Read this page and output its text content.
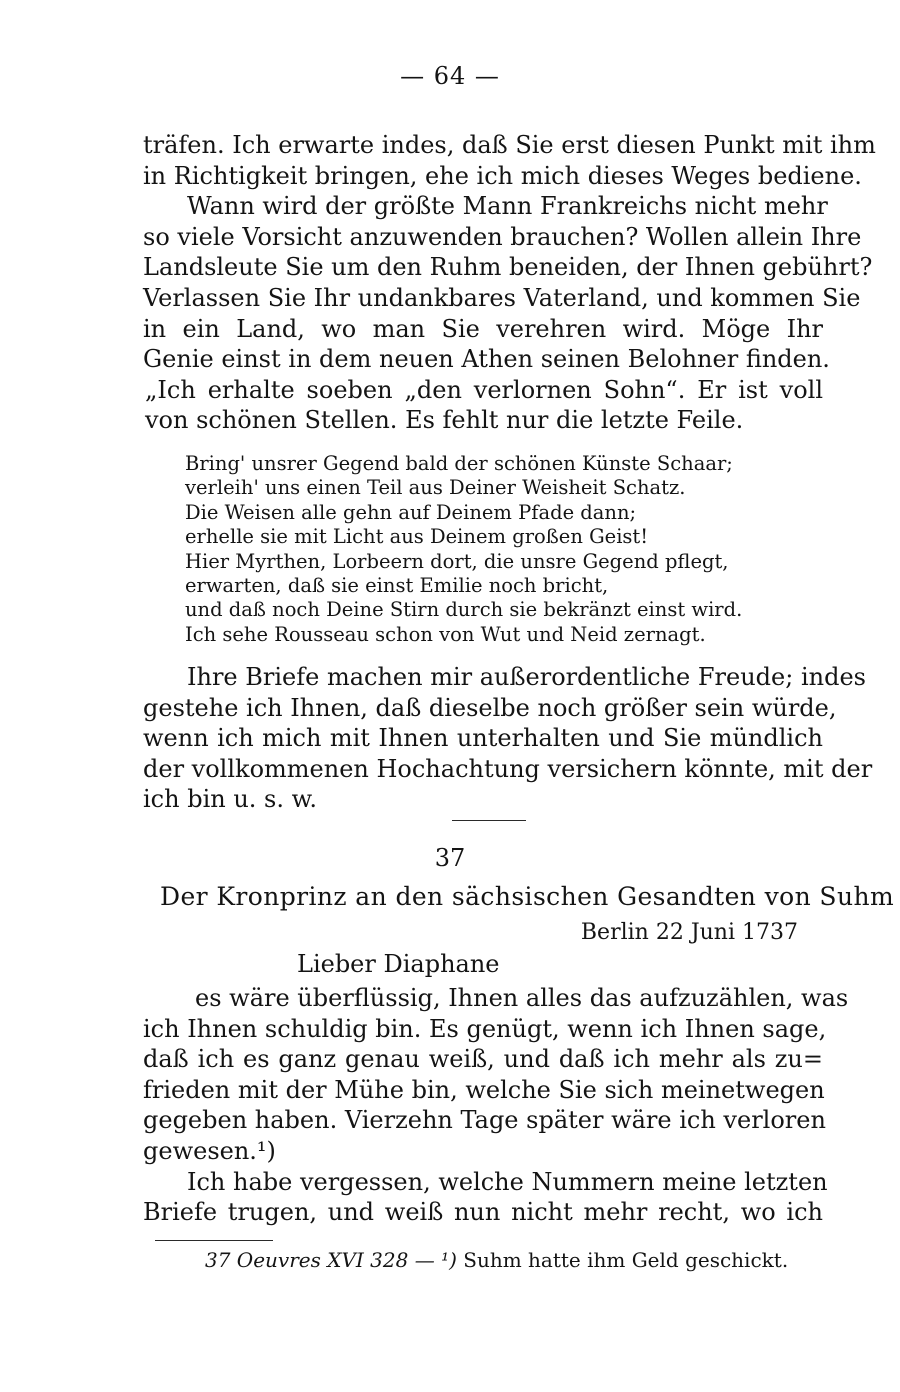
— 64 —
träfen. Ich erwarte indes, daß Sie erst diesen Punkt mit ihm
in Richtigkeit bringen, ehe ich mich dieses Weges bediene.
Wann wird der größte Mann Frankreichs nicht mehr
so viele Vorsicht anzuwenden brauchen? Wollen allein Ihre
Landsleute Sie um den Ruhm beneiden, der Ihnen gebührt?
Verlassen Sie Ihr undankbares Vaterland, und kommen Sie
in ein Land, wo man Sie verehren wird. Möge Ihr
Genie einst in dem neuen Athen seinen Belohner finden.
„Ich erhalte soeben „den verlornen Sohn“. Er ist voll
von schönen Stellen. Es fehlt nur die letzte Feile.
Bring' unsrer Gegend bald der schönen Künste Schaar;
verleih' uns einen Teil aus Deiner Weisheit Schatz.
Die Weisen alle gehn auf Deinem Pfade dann;
erhelle sie mit Licht aus Deinem großen Geist!
Hier Myrthen, Lorbeern dort, die unsre Gegend pflegt,
erwarten, daß sie einst Emilie noch bricht,
und daß noch Deine Stirn durch sie bekränzt einst wird.
Ich sehe Rousseau schon von Wut und Neid zernagt.
Ihre Briefe machen mir außerordentliche Freude; indes
gestehe ich Ihnen, daß dieselbe noch größer sein würde,
wenn ich mich mit Ihnen unterhalten und Sie mündlich
der vollkommenen Hochachtung versichern könnte, mit der
ich bin u. s. w.
37
Der Kronprinz an den sächsischen Gesandten von Suhm
Berlin 22 Juni 1737
Lieber Diaphane
es wäre überflüssig, Ihnen alles das aufzuzählen, was
ich Ihnen schuldig bin. Es genügt, wenn ich Ihnen sage,
daß ich es ganz genau weiß, und daß ich mehr als zu=
frieden mit der Mühe bin, welche Sie sich meinetwegen
gegeben haben. Vierzehn Tage später wäre ich verloren
gewesen.¹)
Ich habe vergessen, welche Nummern meine letzten
Briefe trugen, und weiß nun nicht mehr recht, wo ich
37 Oeuvres XVI 328 — ¹) Suhm hatte ihm Geld geschickt.
